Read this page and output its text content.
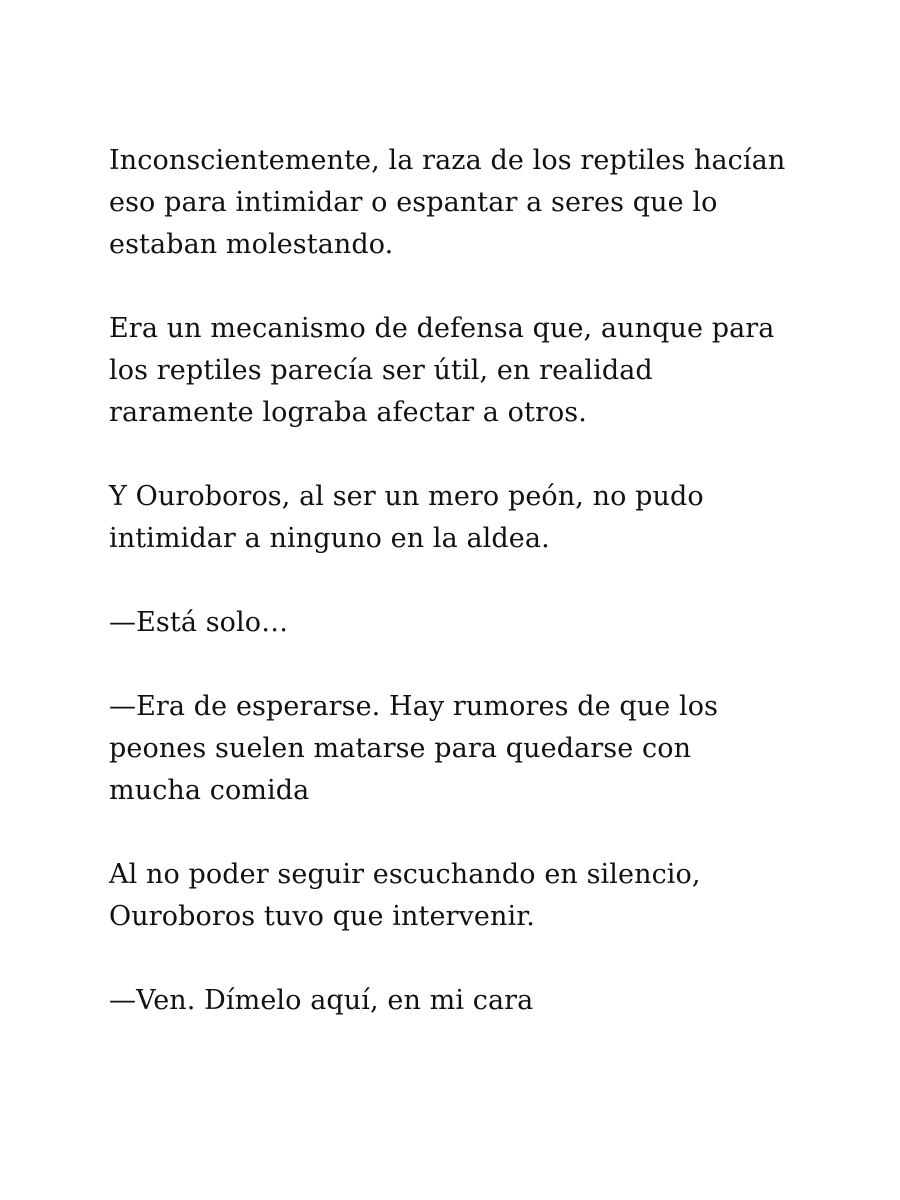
Inconscientemente, la raza de los reptiles hacían
eso para intimidar o espantar a seres que lo
estaban molestando.

Era un mecanismo de defensa que, aunque para
los reptiles parecía ser útil, en realidad
raramente lograba afectar a otros.

Y Ouroboros, al ser un mero peón, no pudo
intimidar a ninguno en la aldea.

—Está solo…

—Era de esperarse. Hay rumores de que los
peones suelen matarse para quedarse con
mucha comida

Al no poder seguir escuchando en silencio,
Ouroboros tuvo que intervenir.

—Ven. Dímelo aquí, en mi cara
